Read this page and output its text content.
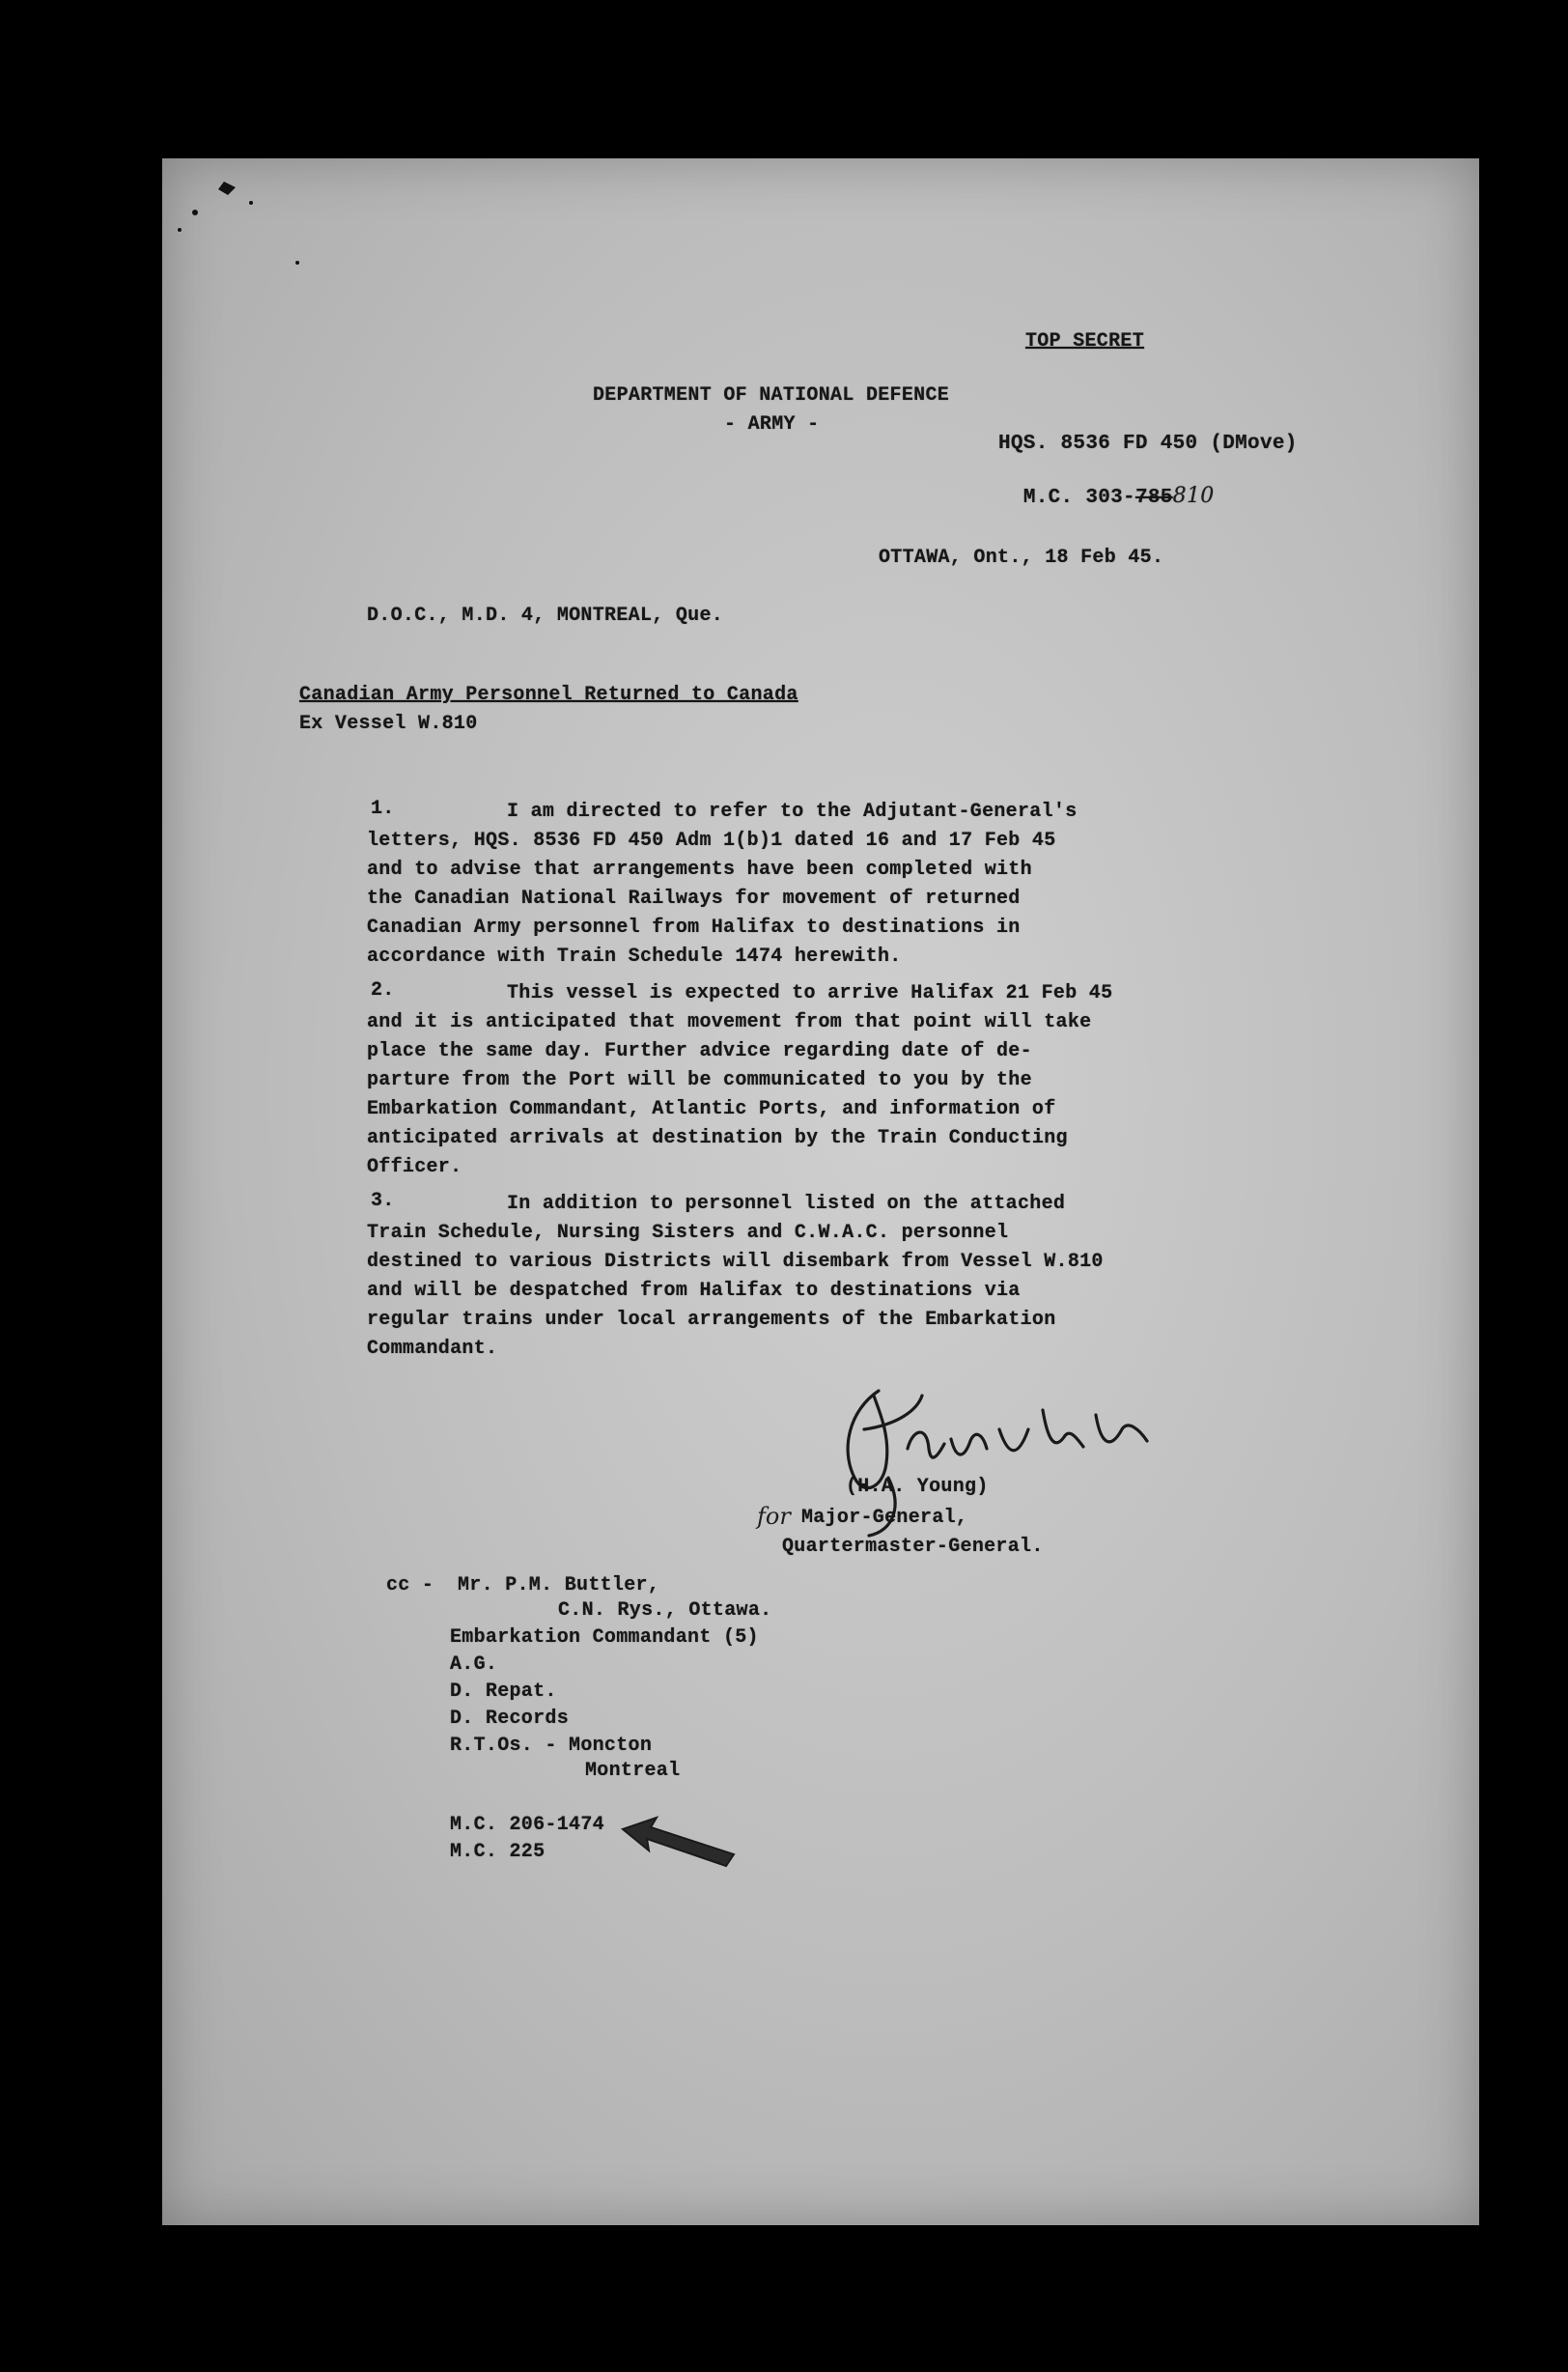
TOP SECRET
DEPARTMENT OF NATIONAL DEFENCE
- ARMY -
HQS. 8536 FD 450 (DMove)

M.C. 303-785810

OTTAWA, Ont., 18 Feb 45.
D.O.C., M.D. 4, MONTREAL, Que.
Canadian Army Personnel Returned to Canada
Ex Vessel W.810
1.	I am directed to refer to the Adjutant-General's
letters, HQS. 8536 FD 450 Adm 1(b)1 dated 16 and 17 Feb 45
and to advise that arrangements have been completed with
the Canadian National Railways for movement of returned
Canadian Army personnel from Halifax to destinations in
accordance with Train Schedule 1474 herewith.
2.	This vessel is expected to arrive Halifax 21 Feb 45
and it is anticipated that movement from that point will take
place the same day. Further advice regarding date of de-
parture from the Port will be communicated to you by the
Embarkation Commandant, Atlantic Ports, and information of
anticipated arrivals at destination by the Train Conducting
Officer.
3.	In addition to personnel listed on the attached
Train Schedule, Nursing Sisters and C.W.A.C. personnel
destined to various Districts will disembark from Vessel W.810
and will be despatched from Halifax to destinations via
regular trains under local arrangements of the Embarkation
Commandant.
for
(H.A. Young)
Major-General,
Quartermaster-General.
cc - Mr. P.M. Buttler,
C.N. Rys., Ottawa.
Embarkation Commandant (5)
A.G.
D. Repat.
D. Records
R.T.Os. - Moncton
Montreal
M.C. 206-1474
M.C. 225
